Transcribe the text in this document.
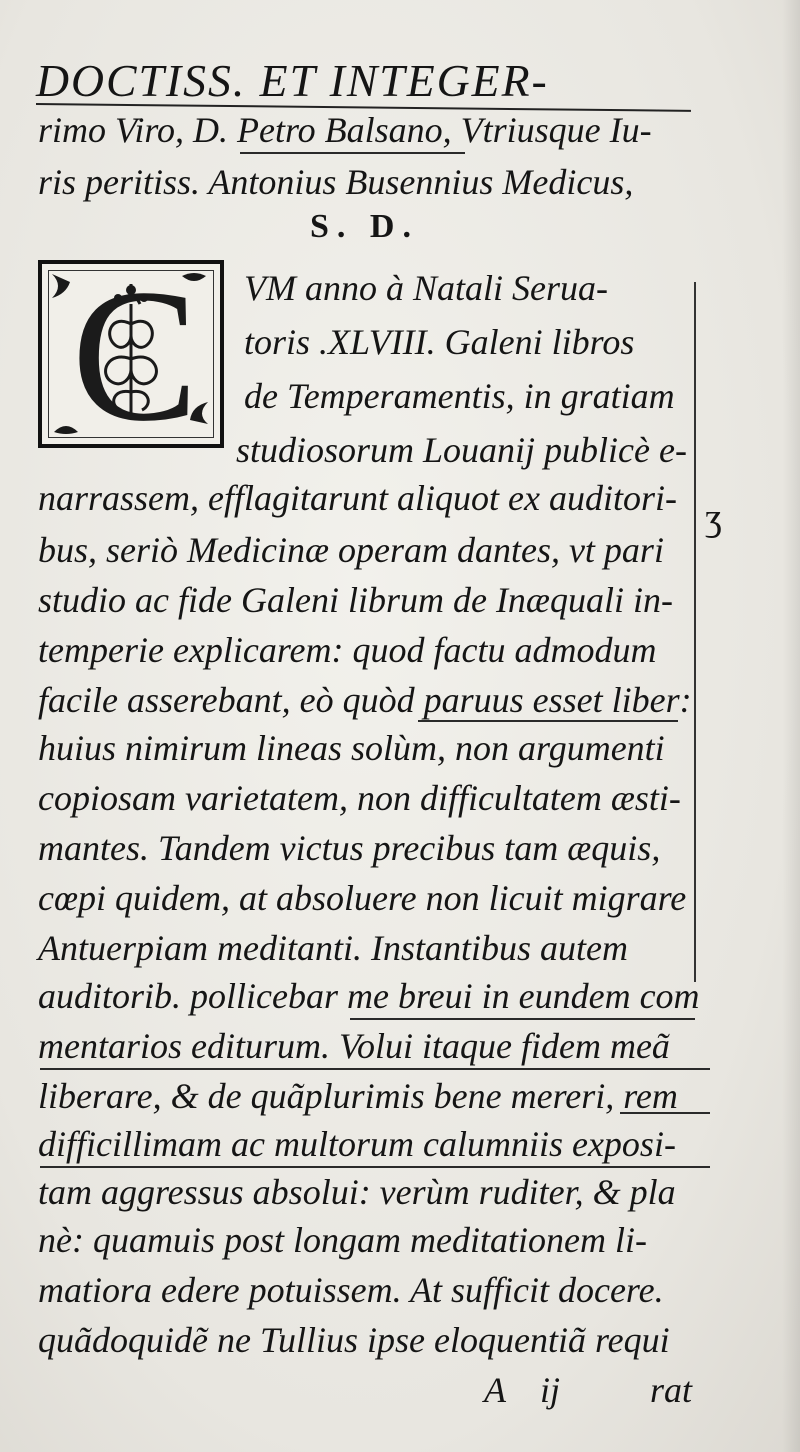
DOCTISS. ET INTEGER-
rimo Viro, D. Petro Balsano, Vtriusque Iu-
ris peritiss. Antonius Busennius Medicus,
S. D.
C	VM anno à Natali Serua-
toris .XLVIII. Galeni libros
de Temperamentis, in gratiam
studiosorum Louanij publicè e-
narrassem, efflagitarunt aliquot ex auditori-
bus, seriò Medicinæ operam dantes, vt pari
studio ac fide Galeni librum de Inæquali in-
temperie explicarem: quod factu admodum
facile asserebant, eò quòd paruus esset liber:
huius nimirum lineas solùm, non argumenti
copiosam varietatem, non difficultatem æsti-
mantes. Tandem victus precibus tam æquis,
cœpi quidem, at absoluere non licuit migrare
Antuerpiam meditanti. Instantibus autem
auditorib. pollicebar me breui in eundem com
mentarios editurum. Volui itaque fidem meã
liberare, & de quãplurimis bene mereri, rem
difficillimam ac multorum calumniis exposi-
tam aggressus absolui: verùm ruditer, & pla
nè: quamuis post longam meditationem li-
matiora edere potuissem. At sufficit docere.
quãdoquidẽ ne Tullius ipse eloquentiã requi
ʒ
A ij rat
